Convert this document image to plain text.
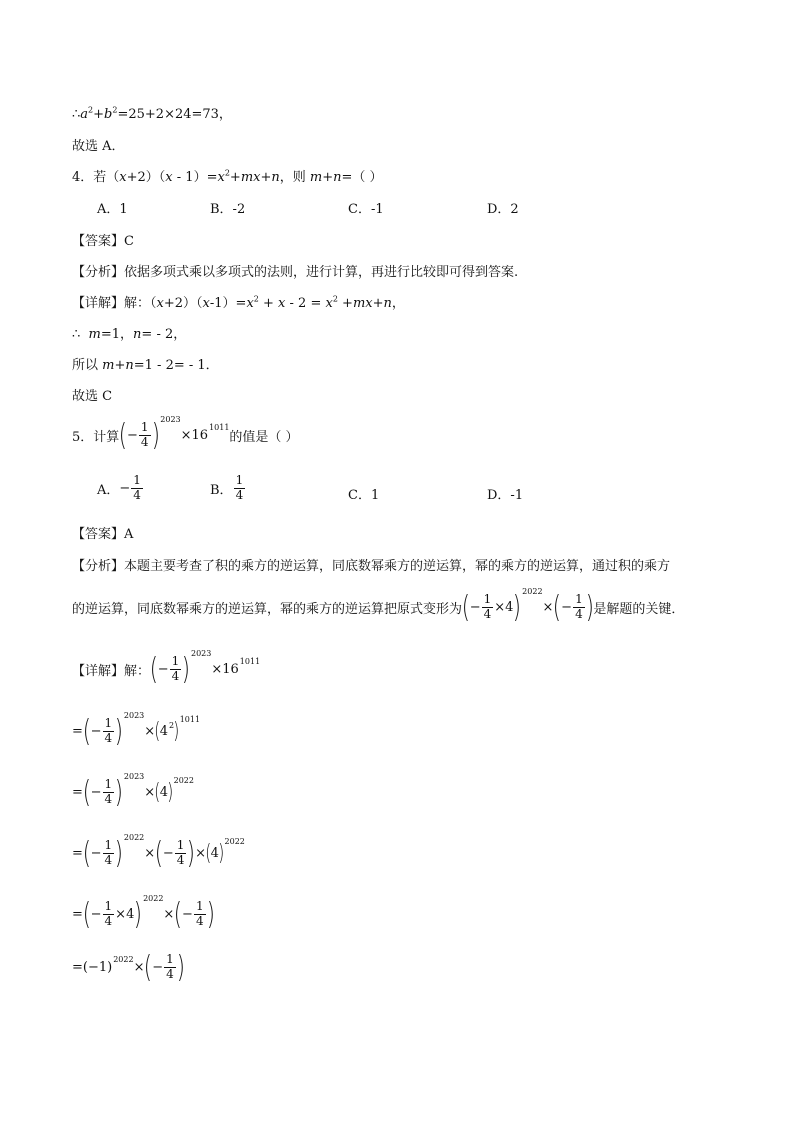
$\therefore a^2+b^2=25+2\times 24=73$，
故选 A．
4．若$(x+2)(x - 1)=x^2+mx+n$，则 m+n=（ ）
A．1	B．-2	C．-1	D．2
【答案】C
【分析】依据多项式乘以多项式的法则，进行计算，再进行比较即可得到答案.
【详解】解：$(x+2)(x-1)=x^2 + x - 2 = x^2 +mx+n$，
∴ m=1，n= - 2，
所以 m+n=1 - 2= - 1．
故选 C
5．计算 ( − $\frac{1}{4}$ ) 2023
×16
1011
的值是（ ）
A． − $\frac{1}{4}$	B． $\frac{1}{4}$	C．1	D．-1
【答案】A
【分析】本题主要考查了积的乘方的逆运算，同底数幂乘方的逆运算，幂的乘方的逆运算，通过积的乘方
的逆运算，同底数幂乘方的逆运算，幂的乘方的逆运算把原式变形为 ( − $\frac{1}{4} \times 4$ ) 2022
× ( − $\frac{1}{4}$ ) 是解题的关键．
【详解】解： ( − $\frac{1}{4}$ ) 2023
×16
1011
= ( − $\frac{1}{4}$ ) 2023
× ( 4 2 ) 1011
= ( − $\frac{1}{4}$ ) 2023
× ( 4 ) 2022
= ( − $\frac{1}{4}$ ) 2022
× ( − $\frac{1}{4}$ ) × ( 4 ) 2022
= ( − $\frac{1}{4} \times 4$ ) 2022
× ( − $\frac{1}{4}$ )
= (−1)
2022
× ( − $\frac{1}{4}$ )
